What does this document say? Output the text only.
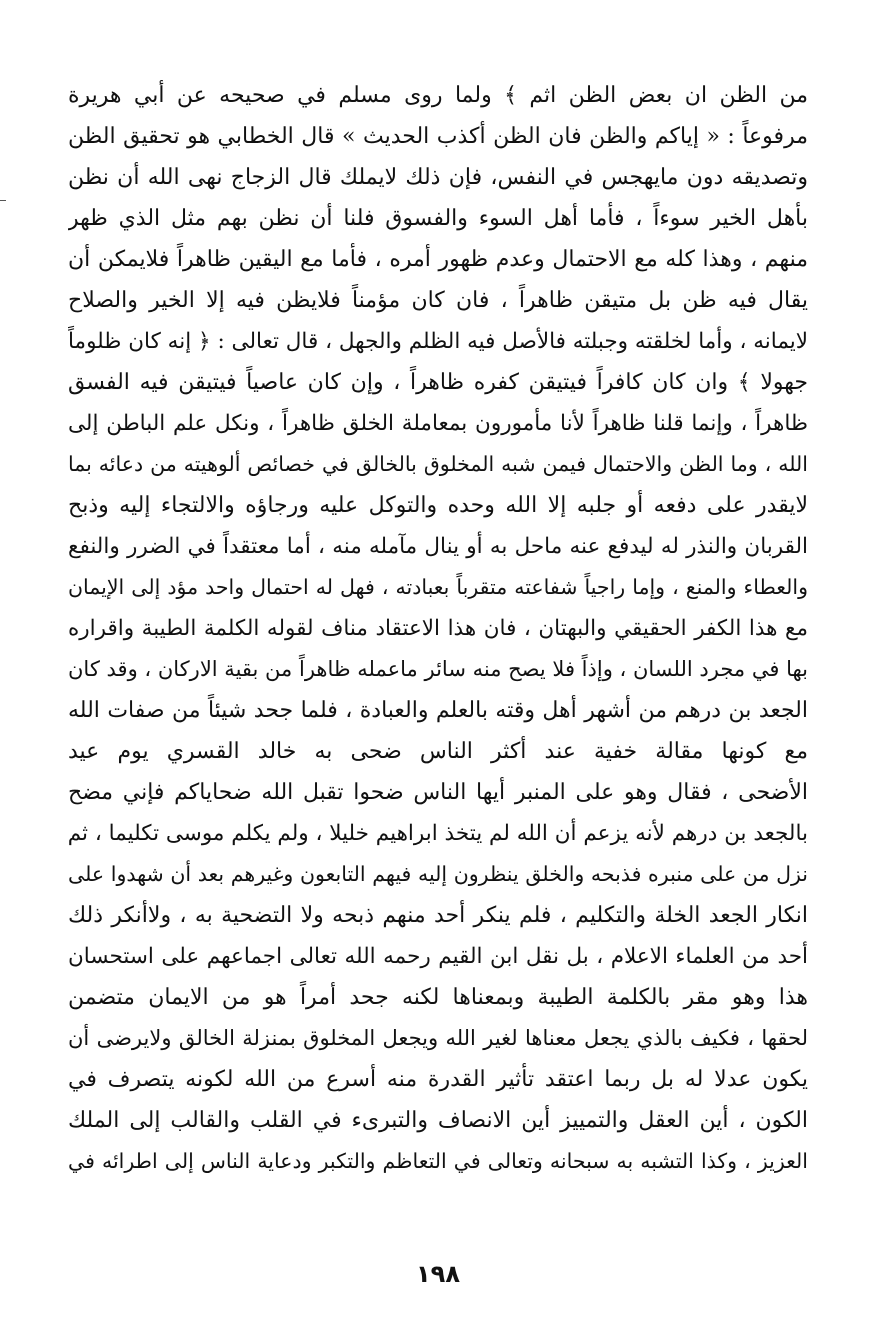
من الظن ان بعض الظن اثم ﴾ ولما روى مسلم في صحيحه عن أبي هريرة
مرفوعاً : « إياكم والظن فان الظن أكذب الحديث » قال الخطابي هو تحقيق الظن
وتصديقه دون مايهجس في النفس، فإن ذلك لايملك قال الزجاج نهى الله أن نظن
بأهل الخير سوءاً ، فأما أهل السوء والفسوق فلنا أن نظن بهم مثل الذي ظهر
منهم ، وهذا كله مع الاحتمال وعدم ظهور أمره ، فأما مع اليقين ظاهراً فلايمكن أن
يقال فيه ظن بل متيقن ظاهراً ، فان كان مؤمناً فلايظن فيه إلا الخير والصلاح
لايمانه ، وأما لخلقته وجبلته فالأصل فيه الظلم والجهل ، قال تعالى : ﴿ إنه كان ظلوماً
جهولا ﴾ وان كان كافراً فيتيقن كفره ظاهراً ، وإن كان عاصياً فيتيقن فيه الفسق
ظاهراً ، وإنما قلنا ظاهراً لأنا مأمورون بمعاملة الخلق ظاهراً ، ونكل علم الباطن إلى
الله ، وما الظن والاحتمال فيمن شبه المخلوق بالخالق في خصائص ألوهيته من دعائه بما
لايقدر على دفعه أو جلبه إلا الله وحده والتوكل عليه ورجاؤه والالتجاء إليه وذبح
القربان والنذر له ليدفع عنه ماحل به أو ينال مآمله منه ، أما معتقداً في الضرر والنفع
والعطاء والمنع ، وإما راجياً شفاعته متقرباً بعبادته ، فهل له احتمال واحد مؤد إلى الإيمان
مع هذا الكفر الحقيقي والبهتان ، فان هذا الاعتقاد مناف لقوله الكلمة الطيبة واقراره
بها في مجرد اللسان ، وإذاً فلا يصح منه سائر ماعمله ظاهراً من بقية الاركان ، وقد كان
الجعد بن درهم من أشهر أهل وقته بالعلم والعبادة ، فلما جحد شيئاً من صفات الله
مع كونها مقالة خفية عند أكثر الناس ضحى به خالد القسري يوم عيد
الأضحى ، فقال وهو على المنبر أيها الناس ضحوا تقبل الله ضحاياكم فإني مضح
بالجعد بن درهم لأنه يزعم أن الله لم يتخذ ابراهيم خليلا ، ولم يكلم موسى تكليما ، ثم
نزل من على منبره فذبحه والخلق ينظرون إليه فيهم التابعون وغيرهم بعد أن شهدوا على
انكار الجعد الخلة والتكليم ، فلم ينكر أحد منهم ذبحه ولا التضحية به ، ولاأنكر ذلك
أحد من العلماء الاعلام ، بل نقل ابن القيم رحمه الله تعالى اجماعهم على استحسان
هذا وهو مقر بالكلمة الطيبة وبمعناها لكنه جحد أمراً هو من الايمان متضمن
لحقها ، فكيف بالذي يجعل معناها لغير الله ويجعل المخلوق بمنزلة الخالق ولايرضى أن
يكون عدلا له بل ربما اعتقد تأثير القدرة منه أسرع من الله لكونه يتصرف في
الكون ، أين العقل والتمييز أين الانصاف والتبرىء في القلب والقالب إلى الملك
العزيز ، وكذا التشبه به سبحانه وتعالى في التعاظم والتكبر ودعاية الناس إلى اطرائه في
١٩٨
